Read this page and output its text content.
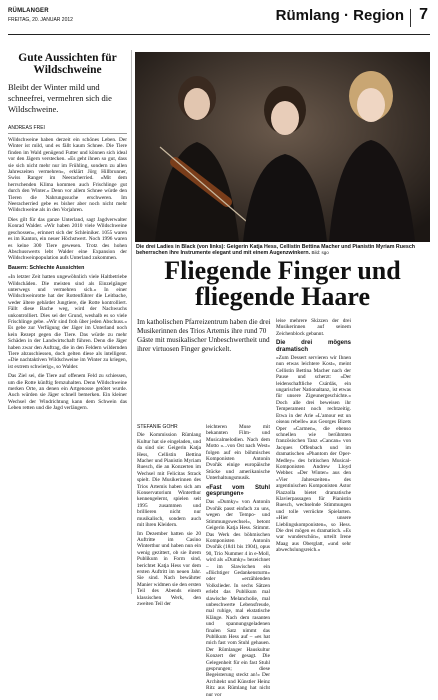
RÜMLANGER
FREITAG, 20. JANUAR 2012	Rümlang · Region 7
Gute Aussichten für Wildschweine

Bleibt der Winter mild und schneefrei, vermehren sich die Wildschweine.

ANDREAS FREI

Wildschweine haben derzeit ein schönes Leben. Der Winter ist mild, und es fällt kaum Schnee. Die Tiere finden im Wald genügend Futter und können sich ideal vor den Jägern verstecken. «Es geht ihnen so gut, dass sie sich nicht mehr nur im Frühling, sondern zu allen Jahreszeiten vermehren», erklärt Jörg Hillbrunner, Swiss Ranger im Neeracherried. «Mit dem herrschenden Klima kommen auch Frischlinge gut durch den Winter.» Denn vor allem Schnee würde den Tieren die Nahrungssuche erschweren. Im Neeracherried gebe es bisher aber noch nicht mehr Wildschweine als in den Vorjahren.

Dies gilt für das ganze Unterland, sagt Jagdverwalter Konrad Walder. «Wir haben 2010 viele Wildschweine geschossen», erinnert sich der Schleiniker. 1055 waren es im Kanton, ein neuer Höchstwert. Noch 1996 waren es keine 300 Tiere gewesen. Trotz des hohen Abschusswerts lebt Walder eine Expansion der Wildschweinpopulation aufs Unterland zukommen.

Bauern: Schlechte Aussichten

«In letzter Zeit hatten ungewöhnlich viele Haltbetriebe Wildschäden. Die meisten sind als Einzelgänger unterwegs und vermehren sich.» In einer Wildschweinrotte hat der Rottenführer die Leitbache, weder ältere gebärdet Jungtiere, die Rotte kontrolliert. Fällt diese Bache weg, wird der Nachwuchs unkontrolliert. Dies sei der Grund, weshalb es so viele Frischlinge gebe. «Wir sind froh über jeden Abschuss.» Es gebe zur Verfügung der Jäger im Unterland noch kein Rezept gegen die Tiere. Das würde zu mehr Schäden in der Landwirtschaft führen. Denn die Jäger haben zwar den Auftrag, die in den Feldern wildernden Tiere abzuschiessen, doch gelten diese als intelligent. «Die nachtaktiven Wildschweine im Winter zu kriegen, ist extrem schwierig», so Walder.

Das Ziel sei, die Tiere auf offenem Feld zu schiessen, um die Rotte künftig fernzuhalten. Denn Wildschweine merken Orte, an denen ein Artgenosse getötet wurde. Auch würden sie Jäger schnell bemerken. Ein kleiner Wechsel der Windrichtung kann dem Schwein das Leben retten und die Jagd verlängern.

Die drei Ladies in Black (von links): Geigerin Katja Hess, Cellistin Bettina Macher und Pianistin Myriam Ruesch beherrschen ihre Instrumente elegant und mit einem Augenzwinkern. Bild: sgo
Fliegende Finger und fliegende Haare

Im katholischen Pfarreizentrum haben die drei Musikerinnen des Trios Artemis ihre rund 70 Gäste mit musikalischer Unbeschwertheit und ihrer virtuosen Finger gewickelt.

STEFANIE GOHR

Die Kommission Rümlang Kultur hat sie eingeladen, und da sind sie: Geigerin Katja Hess, Cellistin Bettina Macher und Pianistin Myriam Ruesch, die an Konzerten im Wechsel mit Felicitas Strack spielt. Die Musikerinnen des Trios Artemis haben sich am Konservatorium Winterthur kennengelernt, spielen seit 1995 zusammen und brillieren nicht nur musikalisch, sondern auch mit ihren Kleidern.

Im Dezember hatten sie 20 Auftritte im Casino Winterthur und haben nun ein wenig gezittert, ob sie ihrem Publikum in Form sind, berichtet Katja Hess vor dem ersten Auftritt im neuen Jahr. Sie sind. Nach bewährter Manier widmen sie den ersten Teil des Abends einem klassischen Werk, den zweiten Teil der

leichteren Muse mit bekannten Film- und Musicalmelodien. Nach dem Motto «...von Ost nach West» folgen auf ein böhmisches Komponisten Antonín Dvořák einige europäische Stücke und amerikanische Unterhaltungsmusik.

«Fast vom Stuhl gesprungen»

Das «Dumky» von Antonín Dvořák passt einfach zu uns, wegen der Tempo- und Stimmungswechsel», betont Geigerin Katja Hess. Stimmt. Das Werk des böhmischen Komponisten Antonín Dvořák (1841 bis 1904), opus 90, Trio Nummer 4 in e-Moll, wird als «Dumky» bezeichnet – im Slawischen ein «flüchtiger Gedankensturm» oder «erzählenden Volkslieder. In sechs Sätzen erlebt das Publikum mal slawische Melancholie, mal unbeschwerte Lebensfreude, mal ruhige, mal ekstatische Klänge. Nach dem rasanten und spannungsgeladenen finalen Satz nimmt das Publikum Hess auf – «es hat mich fast vom Stuhl gehauen. Der Rümlanger Hauskultur Konzert der gesagt. Die Gelegenheit für ein fast Stuhl gesprungen; diese Begeisterung steckt an!» Der Architekt und Künstler Heinz Ritz aus Rümlang hat nicht nur vor

leise mehrere Skizzen der drei Musikerinnen auf seinem Zeichenblock gebannt.

Die drei mögens dramatisch

«Zum Dessert servieren wir Ihnen nun etwas leichtere Kost», meint Cellistin Bettina Macher nach der Pause und scherzt: «Der leidenschaftliche Csárdás, ein ungarischer Nationaltanz, ist etwas für unsere Zigeunergeschichte.» Doch alle drei beweisen ihr Temperament noch rechtzeitig. Etwa in der Arie «L'amour est un oiseau rebelle» aus Georges Bizets Oper «Carmen», die ebenso schnellen wie berühmten französischen Tanz «Cancan» von Jacques Offenbach und im dramatischen «Phantom der Oper-Medley» des britischen Musical-Komponisten Andrew Lloyd Webber. «Der Winter» aus den «Vier Jahreszeiten» des argentinischen Komponisten Astor Piazzolla bietet dramatische Klavierpassagen für Pianistin Ruesch, wechselnde Stimmungen und tolle verrückte Spielarten. «Hier unsere Lieblingskomponisten», so Hess. Die drei mögen es dramatisch. «Es war wunderschön», urteilt Irene Maag aus Oberglatt, «und sehr abwechslungsreich.»
